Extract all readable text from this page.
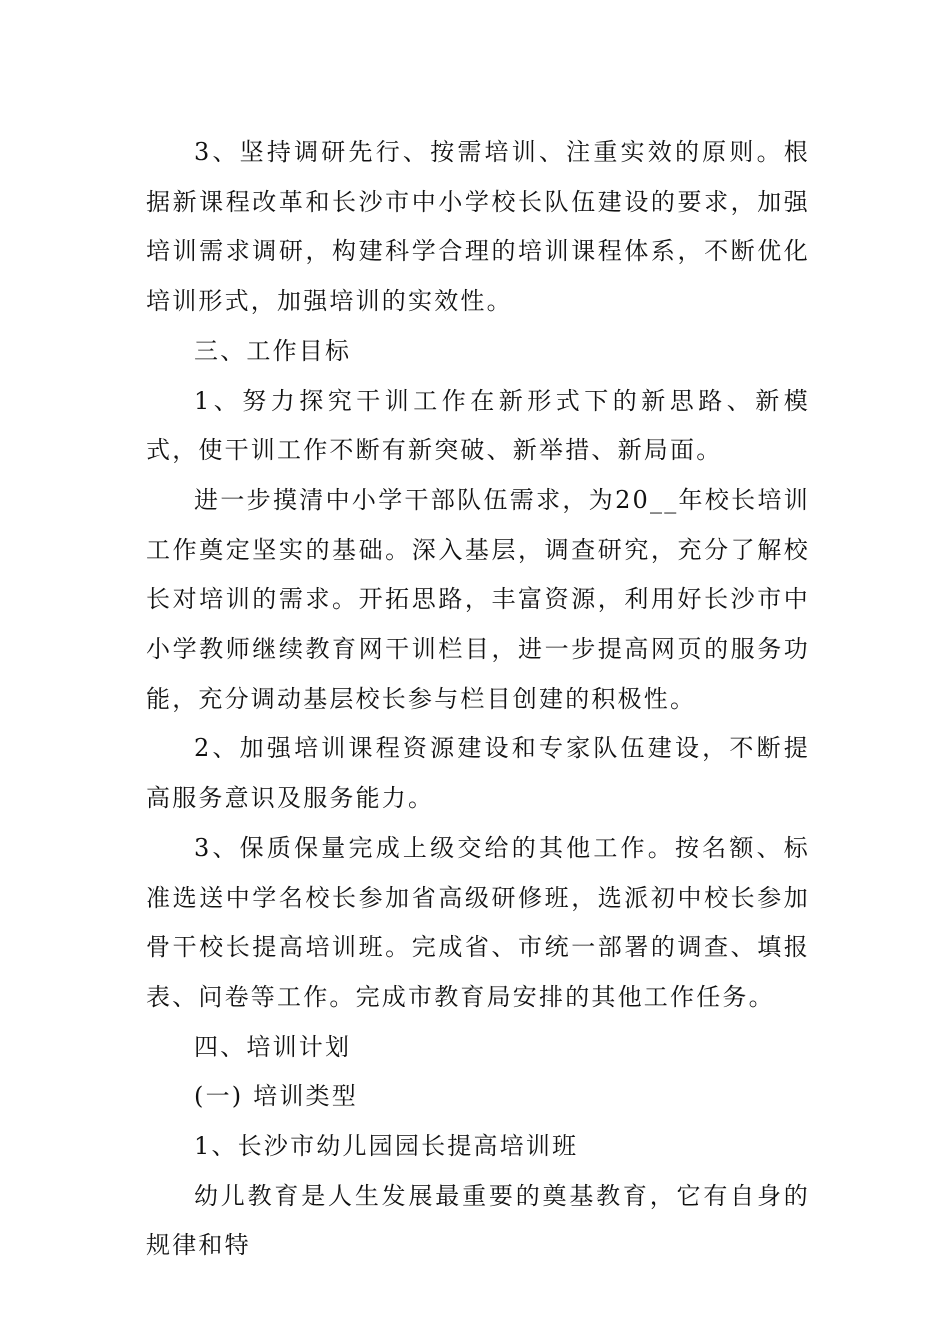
3、坚持调研先行、按需培训、注重实效的原则。根据新课程改革和长沙市中小学校长队伍建设的要求，加强培训需求调研，构建科学合理的培训课程体系，不断优化培训形式，加强培训的实效性。

三、工作目标

1、努力探究干训工作在新形式下的新思路、新模式，使干训工作不断有新突破、新举措、新局面。

进一步摸清中小学干部队伍需求，为20__年校长培训工作奠定坚实的基础。深入基层，调查研究，充分了解校长对培训的需求。开拓思路，丰富资源，利用好长沙市中小学教师继续教育网干训栏目，进一步提高网页的服务功能，充分调动基层校长参与栏目创建的积极性。

2、加强培训课程资源建设和专家队伍建设，不断提高服务意识及服务能力。

3、保质保量完成上级交给的其他工作。按名额、标准选送中学名校长参加省高级研修班，选派初中校长参加骨干校长提高培训班。完成省、市统一部署的调查、填报表、问卷等工作。完成市教育局安排的其他工作任务。

四、培训计划

(一) 培训类型

1、长沙市幼儿园园长提高培训班

幼儿教育是人生发展最重要的奠基教育，它有自身的规律和特
